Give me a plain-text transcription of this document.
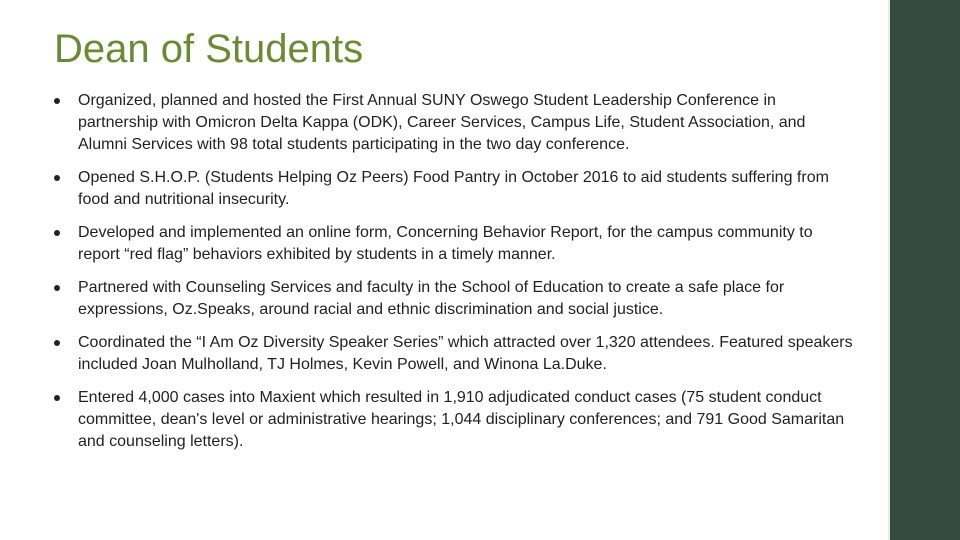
Dean of Students
Organized, planned and hosted the First Annual SUNY Oswego Student Leadership Conference in partnership with Omicron Delta Kappa (ODK), Career Services, Campus Life, Student Association, and Alumni Services with 98 total students participating in the two day conference.
Opened S.H.O.P. (Students Helping Oz Peers) Food Pantry in October 2016 to aid students suffering from food and nutritional insecurity.
Developed and implemented an online form, Concerning Behavior Report, for the campus community to report “red flag” behaviors exhibited by students in a timely manner.
Partnered with Counseling Services and faculty in the School of Education to create a safe place for expressions, Oz.Speaks, around racial and ethnic discrimination and social justice.
Coordinated the “I Am Oz Diversity Speaker Series” which attracted over 1,320 attendees. Featured speakers included Joan Mulholland, TJ Holmes, Kevin Powell, and Winona La.Duke.
Entered 4,000 cases into Maxient which resulted in 1,910 adjudicated conduct cases (75 student conduct committee, dean's level or administrative hearings; 1,044 disciplinary conferences; and 791 Good Samaritan and counseling letters).
